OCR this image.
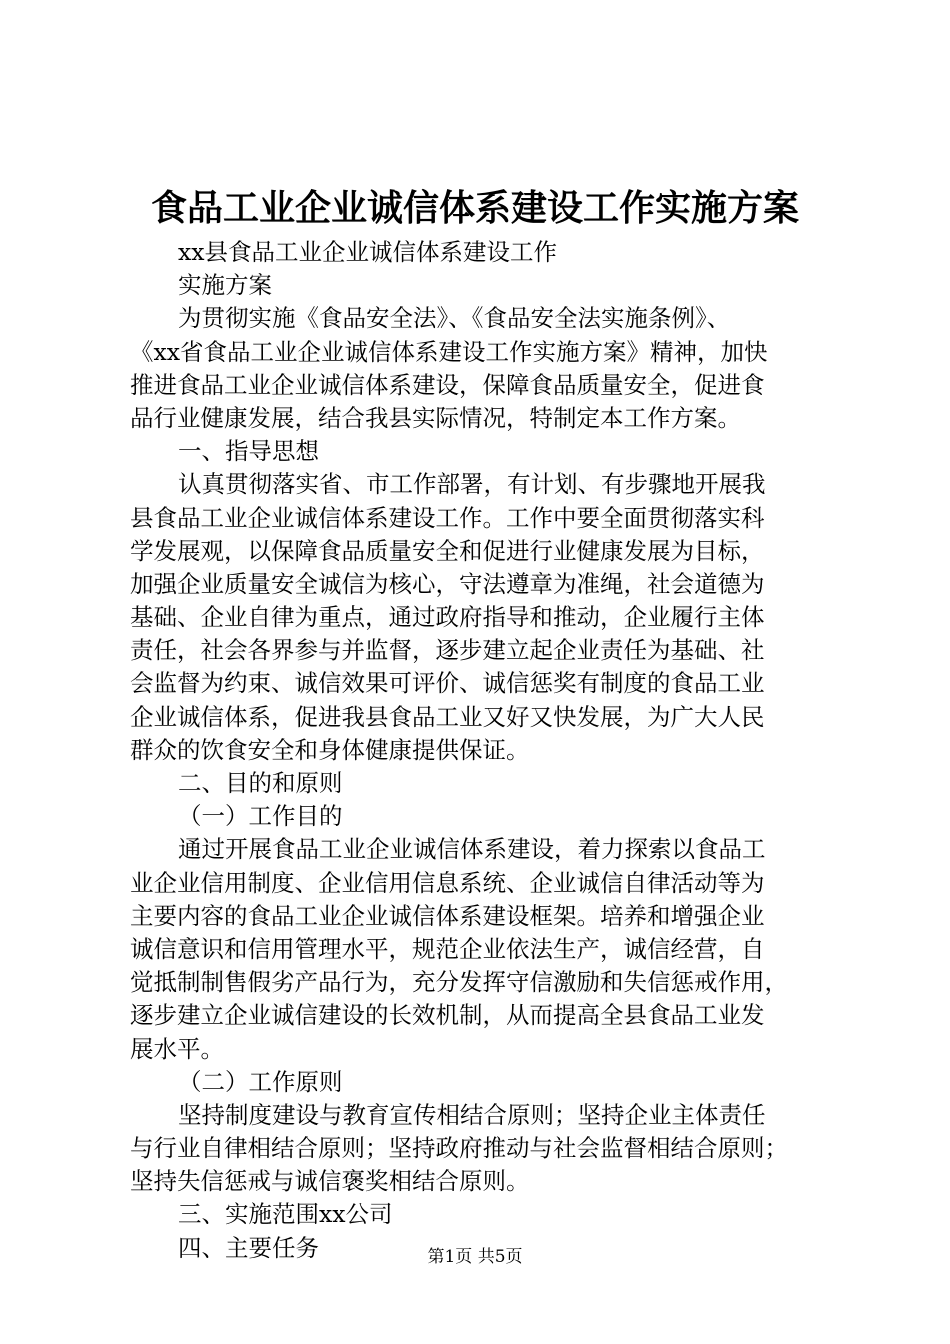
食品工业企业诚信体系建设工作实施方案
xx县食品工业企业诚信体系建设工作
实施方案
为贯彻实施《食品安全法》、《食品安全法实施条例》、
《xx省食品工业企业诚信体系建设工作实施方案》精神，加快
推进食品工业企业诚信体系建设，保障食品质量安全，促进食
品行业健康发展，结合我县实际情况，特制定本工作方案。
一、指导思想
认真贯彻落实省、市工作部署，有计划、有步骤地开展我
县食品工业企业诚信体系建设工作。工作中要全面贯彻落实科
学发展观，以保障食品质量安全和促进行业健康发展为目标，
加强企业质量安全诚信为核心，守法遵章为准绳，社会道德为
基础、企业自律为重点，通过政府指导和推动，企业履行主体
责任，社会各界参与并监督，逐步建立起企业责任为基础、社
会监督为约束、诚信效果可评价、诚信惩奖有制度的食品工业
企业诚信体系，促进我县食品工业又好又快发展，为广大人民
群众的饮食安全和身体健康提供保证。
二、目的和原则
（一）工作目的
通过开展食品工业企业诚信体系建设，着力探索以食品工
业企业信用制度、企业信用信息系统、企业诚信自律活动等为
主要内容的食品工业企业诚信体系建设框架。培养和增强企业
诚信意识和信用管理水平，规范企业依法生产，诚信经营，自
觉抵制制售假劣产品行为，充分发挥守信激励和失信惩戒作用，
逐步建立企业诚信建设的长效机制，从而提高全县食品工业发
展水平。
（二）工作原则
坚持制度建设与教育宣传相结合原则；坚持企业主体责任
与行业自律相结合原则；坚持政府推动与社会监督相结合原则；
坚持失信惩戒与诚信褒奖相结合原则。
三、实施范围xx公司
四、主要任务	第1页 共5页
